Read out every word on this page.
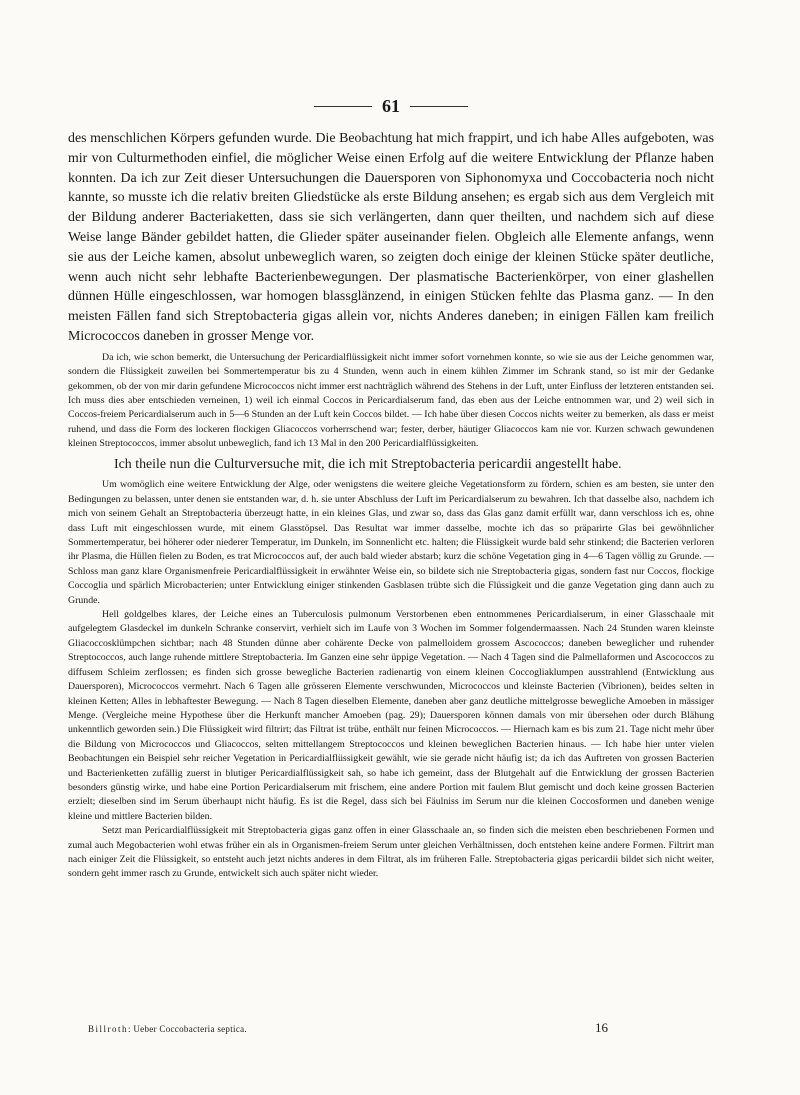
61

des menschlichen Körpers gefunden wurde. Die Beobachtung hat mich frappirt, und ich habe Alles aufgeboten, was mir von Culturmethoden einfiel, die möglicher Weise einen Erfolg auf die weitere Entwicklung der Pflanze haben konnten. Da ich zur Zeit dieser Untersuchungen die Dauersporen von Siphonomyxa und Coccobacteria noch nicht kannte, so musste ich die relativ breiten Gliedstücke als erste Bildung ansehen; es ergab sich aus dem Vergleich mit der Bildung anderer Bacteriaketten, dass sie sich verlängerten, dann quer theilten, und nachdem sich auf diese Weise lange Bänder gebildet hatten, die Glieder später auseinander fielen. Obgleich alle Elemente anfangs, wenn sie aus der Leiche kamen, absolut unbeweglich waren, so zeigten doch einige der kleinen Stücke später deutliche, wenn auch nicht sehr lebhafte Bacterienbewegungen. Der plasmatische Bacterienkörper, von einer glashellen dünnen Hülle eingeschlossen, war homogen blassglänzend, in einigen Stücken fehlte das Plasma ganz. — In den meisten Fällen fand sich Streptobacteria gigas allein vor, nichts Anderes daneben; in einigen Fällen kam freilich Micrococcos daneben in grosser Menge vor.

Da ich, wie schon bemerkt, die Untersuchung der Pericardialflüssigkeit nicht immer sofort vornehmen konnte, so wie sie aus der Leiche genommen war, sondern die Flüssigkeit zuweilen bei Sommertemperatur bis zu 4 Stunden, wenn auch in einem kühlen Zimmer im Schrank stand, so ist mir der Gedanke gekommen, ob der von mir darin gefundene Micrococcos nicht immer erst nachträglich während des Stehens in der Luft, unter Einfluss der letzteren entstanden sei. Ich muss dies aber entschieden verneinen, 1) weil ich einmal Coccos in Pericardialserum fand, das eben aus der Leiche entnommen war, und 2) weil sich in Coccos-freiem Pericardialserum auch in 5—6 Stunden an der Luft kein Coccos bildet. — Ich habe über diesen Coccos nichts weiter zu bemerken, als dass er meist ruhend, und dass die Form des lockeren flockigen Gliacoccos vorherrschend war; fester, derber, häutiger Gliacoccos kam nie vor. Kurzen schwach gewundenen kleinen Streptococcos, immer absolut unbeweglich, fand ich 13 Mal in den 200 Pericardialflüssigkeiten.

Ich theile nun die Culturversuche mit, die ich mit Streptobacteria pericardii angestellt habe.

Um womöglich eine weitere Entwicklung der Alge, oder wenigstens die weitere gleiche Vegetationsform zu fördern, schien es am besten, sie unter den Bedingungen zu belassen, unter denen sie entstanden war, d. h. sie unter Abschluss der Luft im Pericardialserum zu bewahren. Ich that dasselbe also, nachdem ich mich von seinem Gehalt an Streptobacteria überzeugt hatte, in ein kleines Glas, und zwar so, dass das Glas ganz damit erfüllt war, dann verschloss ich es, ohne dass Luft mit eingeschlossen wurde, mit einem Glasstöpsel. Das Resultat war immer dasselbe, mochte ich das so präparirte Glas bei gewöhnlicher Sommertemperatur, bei höherer oder niederer Temperatur, im Dunkeln, im Sonnenlicht etc. halten; die Flüssigkeit wurde bald sehr stinkend; die Bacterien verloren ihr Plasma, die Hüllen fielen zu Boden, es trat Micrococcos auf, der auch bald wieder abstarb; kurz die schöne Vegetation ging in 4—6 Tagen völlig zu Grunde. — Schloss man ganz klare Organismenfreie Pericardialflüssigkeit in erwähnter Weise ein, so bildete sich nie Streptobacteria gigas, sondern fast nur Coccos, flockige Coccoglia und spärlich Microbacterien; unter Entwicklung einiger stinkenden Gasblasen trübte sich die Flüssigkeit und die ganze Vegetation ging dann auch zu Grunde.

Hell goldgelbes klares, der Leiche eines an Tuberculosis pulmonum Verstorbenen eben entnommenes Pericardialserum, in einer Glasschaale mit aufgelegtem Glasdeckel im dunkeln Schranke conservirt, verhielt sich im Laufe von 3 Wochen im Sommer folgendermaassen. Nach 24 Stunden waren kleinste Gliacoccosklümpchen sichtbar; nach 48 Stunden dünne aber cohärente Decke von palmelloidem grossem Ascococcos; daneben beweglicher und ruhender Streptococcos, auch lange ruhende mittlere Streptobacteria. Im Ganzen eine sehr üppige Vegetation. — Nach 4 Tagen sind die Palmellaformen und Ascococcos zu diffusem Schleim zerflossen; es finden sich grosse bewegliche Bacterien radienartig von einem kleinen Coccogliaklumpen ausstrahlend (Entwicklung aus Dauersporen), Micrococcos vermehrt. Nach 6 Tagen alle grösseren Elemente verschwunden, Micrococcos und kleinste Bacterien (Vibrionen), beides selten in kleinen Ketten; Alles in lebhaftester Bewegung. — Nach 8 Tagen dieselben Elemente, daneben aber ganz deutliche mittelgrosse bewegliche Amoeben in mässiger Menge. (Vergleiche meine Hypothese über die Herkunft mancher Amoeben (pag. 29); Dauersporen können damals von mir übersehen oder durch Blähung unkenntlich geworden sein.) Die Flüssigkeit wird filtrirt; das Filtrat ist trübe, enthält nur feinen Micrococcos. — Hiernach kam es bis zum 21. Tage nicht mehr über die Bildung von Micrococcos und Gliacoccos, selten mittellangem Streptococcos und kleinen beweglichen Bacterien hinaus. — Ich habe hier unter vielen Beobachtungen ein Beispiel sehr reicher Vegetation in Pericardialflüssigkeit gewählt, wie sie gerade nicht häufig ist; da ich das Auftreten von grossen Bacterien und Bacterienketten zufällig zuerst in blutiger Pericardialflüssigkeit sah, so habe ich gemeint, dass der Blutgehalt auf die Entwicklung der grossen Bacterien besonders günstig wirke, und habe eine Portion Pericardialserum mit frischem, eine andere Portion mit faulem Blut gemischt und doch keine grossen Bacterien erzielt; dieselben sind im Serum überhaupt nicht häufig. Es ist die Regel, dass sich bei Fäulniss im Serum nur die kleinen Coccosformen und daneben wenige kleine und mittlere Bacterien bilden.

Setzt man Pericardialflüssigkeit mit Streptobacteria gigas ganz offen in einer Glasschaale an, so finden sich die meisten eben beschriebenen Formen und zumal auch Megobacterien wohl etwas früher ein als in Organismen-freiem Serum unter gleichen Verhältnissen, doch entstehen keine andere Formen. Filtrirt man nach einiger Zeit die Flüssigkeit, so entsteht auch jetzt nichts anderes in dem Filtrat, als im früheren Falle. Streptobacteria gigas pericardii bildet sich nicht weiter, sondern geht immer rasch zu Grunde, entwickelt sich auch später nicht wieder.

Billroth: Ueber Coccobacteria septica.	16
